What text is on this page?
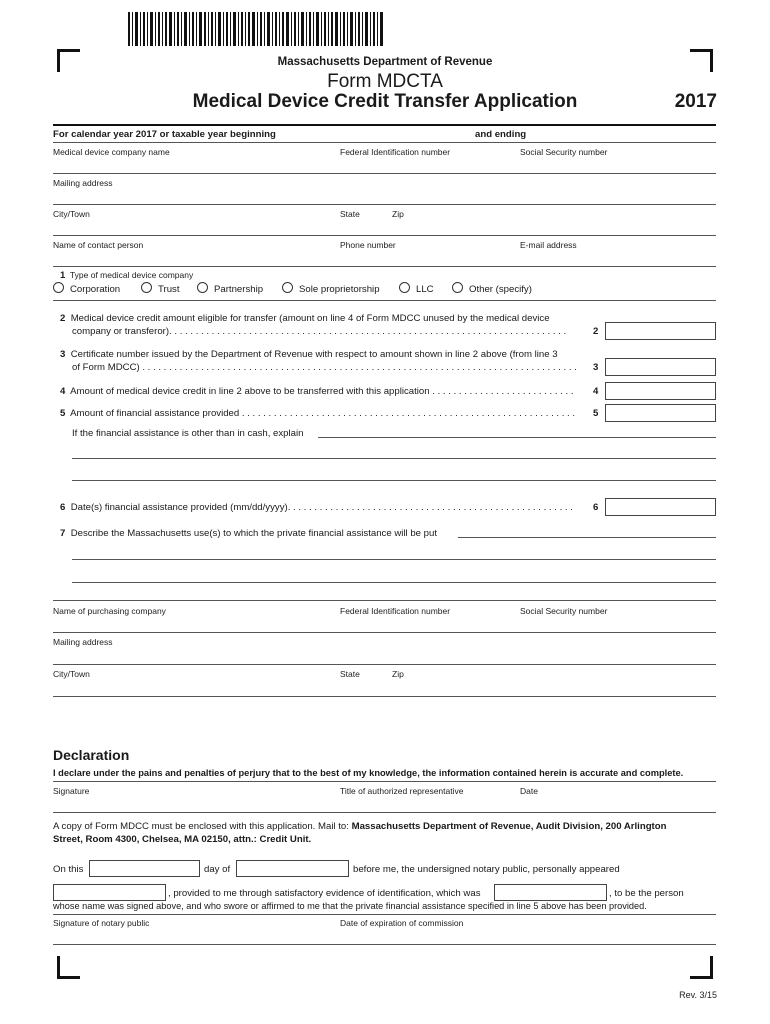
Massachusetts Department of Revenue
Form MDCTA
Medical Device Credit Transfer Application	2017
For calendar year 2017 or taxable year beginning	and ending
Medical device company name	Federal Identification number	Social Security number
Mailing address
City/Town	State	Zip
Name of contact person	Phone number	E-mail address
1 Type of medical device company
Corporation	Trust	Partnership	Sole proprietorship	LLC	Other (specify)
2 Medical device credit amount eligible for transfer (amount on line 4 of Form MDCC unused by the medical device
company or transferor). . . . . . . . . . . . . . . . . . . . . . . . . . . . . . . . . . . . . . . . . . . . . . . . . . . . . . . . . . . . . . . . . . . . . . . . . . .	2
3 Certificate number issued by the Department of Revenue with respect to amount shown in line 2 above (from line 3
of Form MDCC) . . . . . . . . . . . . . . . . . . . . . . . . . . . . . . . . . . . . . . . . . . . . . . . . . . . . . . . . . . . . . . . . . . . . . . . . . . . . . . . . . .	3
4 Amount of medical device credit in line 2 above to be transferred with this application . . . . . . . . . . . . . . . . . . . . . . . . . . .	4
5 Amount of financial assistance provided . . . . . . . . . . . . . . . . . . . . . . . . . . . . . . . . . . . . . . . . . . . . . . . . . . . . . . . . . . . . . . .	5
If the financial assistance is other than in cash, explain
6 Date(s) financial assistance provided (mm/dd/yyyy). . . . . . . . . . . . . . . . . . . . . . . . . . . . . . . . . . . . . . . . . . . . . . . . . . . . . .	6
7 Describe the Massachusetts use(s) to which the private financial assistance will be put
Name of purchasing company	Federal Identification number	Social Security number
Mailing address
City/Town	State	Zip
Declaration
I declare under the pains and penalties of perjury that to the best of my knowledge, the information contained herein is accurate and complete.
Signature	Title of authorized representative	Date
A copy of Form MDCC must be enclosed with this application. Mail to: Massachusetts Department of Revenue, Audit Division, 200 Arlington
Street, Room 4300, Chelsea, MA 02150, attn.: Credit Unit.
On this	day of	before me, the undersigned notary public, personally appeared
, provided to me through satisfactory evidence of identification, which was	, to be the person
whose name was signed above, and who swore or affirmed to me that the private financial assistance specified in line 5 above has been provided.
Signature of notary public	Date of expiration of commission
Rev. 3/15
